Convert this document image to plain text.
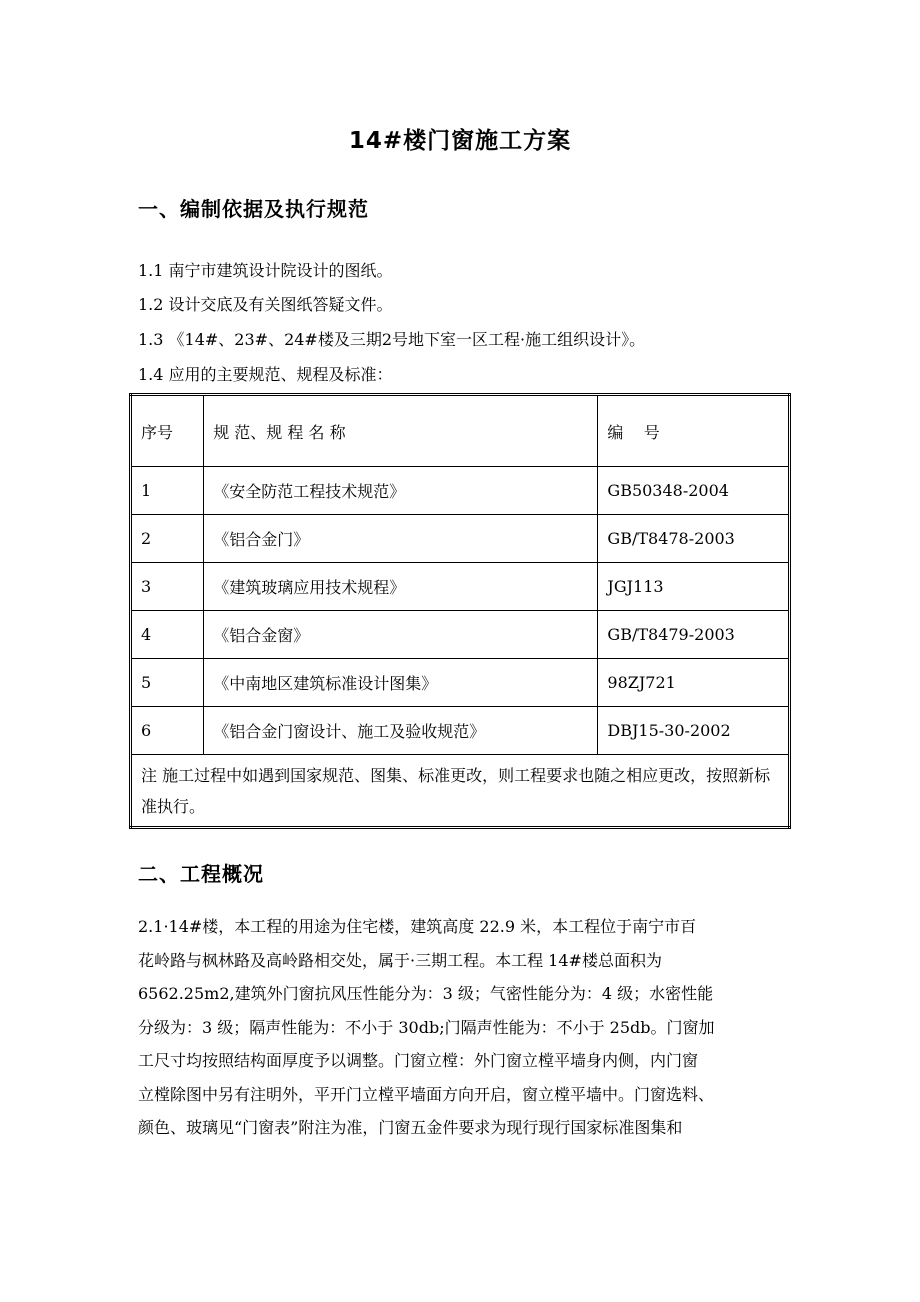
14#楼门窗施工方案
一、编制依据及执行规范
1.1 南宁市建筑设计院设计的图纸。
1.2 设计交底及有关图纸答疑文件。
1.3 《14#、23#、24#楼及三期2号地下室一区工程·施工组织设计》。
1.4 应用的主要规范、规程及标准：
序号	规 范、规 程 名 称	编    号
1	《安全防范工程技术规范》	GB50348-2004
2	《铝合金门》	GB/T8478-2003
3	《建筑玻璃应用技术规程》	JGJ113
4	《铝合金窗》	GB/T8479-2003
5	《中南地区建筑标准设计图集》	98ZJ721
6	《铝合金门窗设计、施工及验收规范》	DBJ15-30-2002
注 施工过程中如遇到国家规范、图集、标准更改，则工程要求也随之相应更改，按照新标准执行。		
二、工程概况
2.1·14#楼，本工程的用途为住宅楼，建筑高度 22.9 米，本工程位于南宁市百
花岭路与枫林路及高岭路相交处，属于·三期工程。本工程 14#楼总面积为
6562.25m2,建筑外门窗抗风压性能分为：3 级；气密性能分为：4 级；水密性能
分级为：3 级；隔声性能为：不小于 30db;门隔声性能为：不小于 25db。门窗加
工尺寸均按照结构面厚度予以调整。门窗立樘：外门窗立樘平墙身内侧，内门窗
立樘除图中另有注明外，平开门立樘平墙面方向开启，窗立樘平墙中。门窗选料、
颜色、玻璃见“门窗表”附注为准，门窗五金件要求为现行现行国家标准图集和
